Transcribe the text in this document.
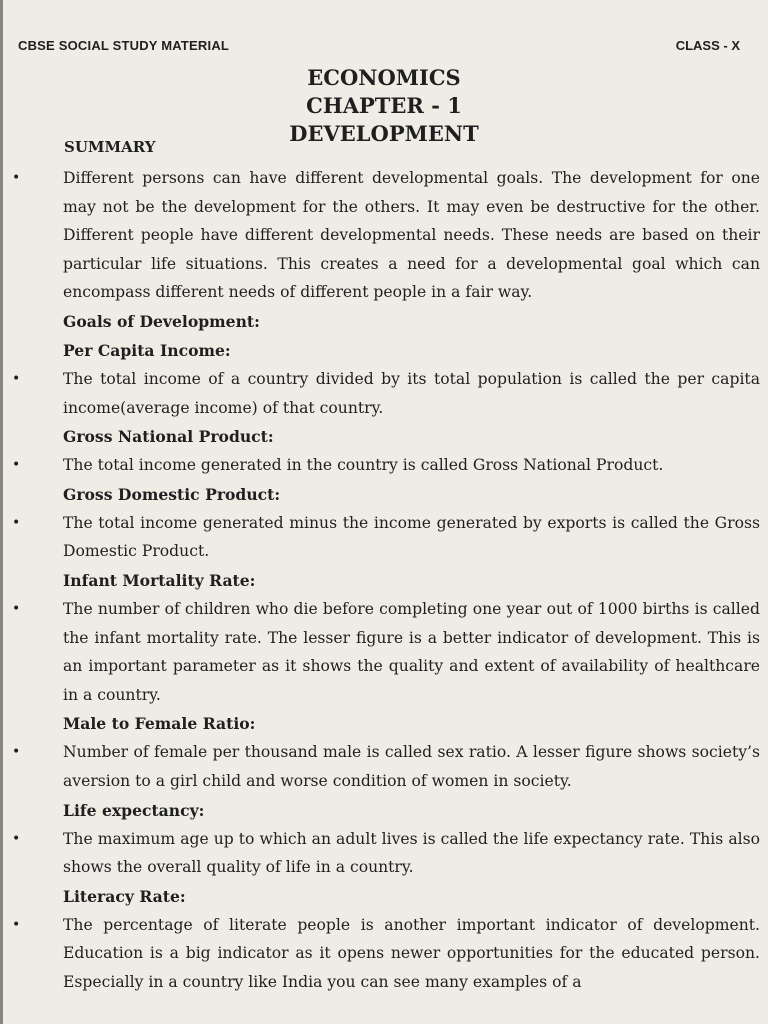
CBSE SOCIAL STUDY MATERIAL	CLASS - X
ECONOMICS
CHAPTER - 1
DEVELOPMENT
SUMMARY
•	Different persons can have different developmental goals. The development for one may not be the development for the others. It may even be destructive for the other. Different people have different developmental needs. These needs are based on their particular life situations. This creates a need for a developmental goal which can encompass different needs of different people in a fair way.
Goals of Development:
Per Capita Income:
•	The total income of a country divided by its total population is called the per capita income(average income) of that country.
Gross National Product:
•	The total income generated in the country is called Gross National Product.
Gross Domestic Product:
•	The total income generated minus the income generated by exports is called the Gross Domestic Product.
Infant Mortality Rate:
•	The number of children who die before completing one year out of 1000 births is called the infant mortality rate. The lesser figure is a better indicator of development. This is an important parameter as it shows the quality and extent of availability of healthcare in a country.
Male to Female Ratio:
•	Number of female per thousand male is called sex ratio. A lesser figure shows society’s aversion to a girl child and worse condition of women in society.
Life expectancy:
•	The maximum age up to which an adult lives is called the life expectancy rate. This also shows the overall quality of life in a country.
Literacy Rate:
•	The percentage of literate people is another important indicator of development. Education is a big indicator as it opens newer opportunities for the educated person. Especially in a country like India you can see many examples of a
